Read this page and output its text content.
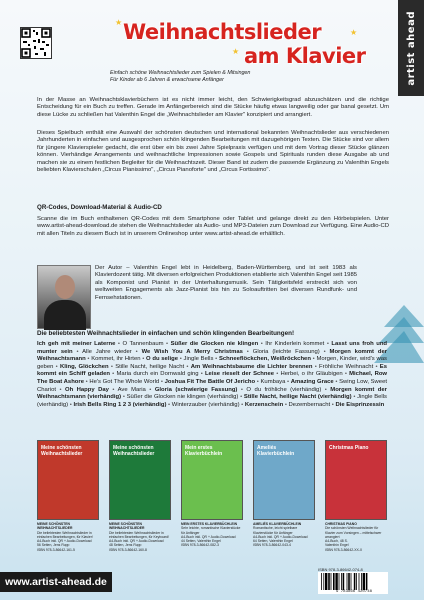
★
★
★
Weihnachtslieder
am Klavier	artist ahead
Einfach schöne Weihnachtslieder zum Spielen & Mitsingen
Für Kinder ab 6 Jahren & erwachsene Anfänger
In der Masse an Weihnachtsklavierbüchern ist es nicht immer leicht, den Schwierigkeitsgrad abzuschätzen und die richtige Entscheidung für ein Buch zu treffen. Gerade im Anfängerbereich sind die Stücke häufig etwas langweilig oder gar banal gesetzt. Um diese Lücke zu schließen hat Valenthin Engel die „Weihnachtslieder am Klavier" konzipiert und arrangiert.
Dieses Spielbuch enthält eine Auswahl der schönsten deutschen und international bekannten Weihnachtslieder aus verschiedenen Jahrhunderten in einfachen und ausgesprochen schön klingenden Bearbeitungen mit dazugehörigen Texten. Die Stücke sind vor allem für jüngere Klavierspieler gedacht, die erst über ein bis zwei Jahre Spielpraxis verfügen und mit dem Vortrag dieser Stücke glänzen können. Vierhändige Arrangements und weihnachtliche Impressionen sowie Gospels und Spirituals runden diese Ausgabe ab und machen sie zu einem festlichen Begleiter für die Weihnachtszeit. Dieser Band ist zudem die passende Ergänzung zu Valenthin Engels beliebten Klavierschulen „Circus Pianissimo", „Circus Pianoforte" und „Circus Fortissimo".
QR-Codes, Download-Material & Audio-CD
Scanne die im Buch enthaltenen QR-Codes mit dem Smartphone oder Tablet und gelange direkt zu den Hörbeispielen. Unter www.artist-ahead-download.de stehen die Weihnachtslieder als Audio- und MP3-Dateien zum Download zur Verfügung. Eine Audio-CD mit allen Titeln zu diesem Buch ist in unserem Onlineshop unter www.artist-ahead.de erhältlich.
Der Autor – Valenthin Engel lebt in Heidelberg, Baden-Württemberg, und ist seit 1983 als Klavierdozent tätig. Mit diversen erfolgreichen Produktionen etablierte sich Valenthin Engel seit 1985 als Komponist und Pianist in der Unterhaltungsmusik. Sein Tätigkeitsfeld erstreckt sich von weltweiten Engagements als Jazz-Pianist bis hin zu Soloauftritten bei diversen Rundfunk- und Fernsehstationen.
Die beliebtesten Weihnachtslieder in einfachen und schön klingenden Bearbeitungen!
Ich geh mit meiner Laterne • O Tannenbaum • Süßer die Glocken nie klingen • Ihr Kinderlein kommet • Lasst uns froh und munter sein • Alle Jahre wieder • We Wish You A Merry Christmas • Gloria (leichte Fassung) • Morgen kommt der Weihnachtsmann • Kommet, ihr Hirten • O du selige • Jingle Bells • Schneeflöckchen, Weißröckchen • Morgen, Kinder, wird's was geben • Kling, Glöckchen • Stille Nacht, heilige Nacht • Am Weihnachtsbaume die Lichter brennen • Fröhliche Weihnacht • Es kommt ein Schiff geladen • Maria durch ein Dornwald ging • Leise rieselt der Schnee • Herbei, o ihr Gläubigen • Michael, Row The Boat Ashore • He's Got The Whole World • Joshua Fit The Battle Of Jericho • Kumbaya • Amazing Grace • Swing Low, Sweet Chariot • Oh Happy Day • Ave Maria • Gloria (schwierige Fassung) • O du fröhliche (vierhändig) • Morgen kommt der Weihnachtsmann (vierhändig) • Süßer die Glocken nie klingen (vierhändig) • Stille Nacht, heilige Nacht (vierhändig) • Jingle Bells (vierhändig) • Irish Bells Ring 1 2 3 (vierhändig) • Winterzauber (vierhändig) • Kerzenschein • Dezembernacht • Die Eisprinzessin
Meine schönsten Weihnachtslieder
MEINE SCHÖNSTEN WEIHNACHTSLIEDER
Die beliebtesten Weihnachtslieder in einfachen Bearbeitungen, für Klavier!
A4-Buch inkl. QR + Audio-Download
56 Seiten, Jens Rupp
ISBN 978-3-86642-161-5
Meine schönsten Weihnachtslieder
MEINE SCHÖNSTEN WEIHNACHTSLIEDER
Die beliebtesten Weihnachtslieder in einfachen Bearbeitungen, für Keyboard!
A4-Buch inkl. QR + Audio-Download
48 Seiten, Jens Rupp
ISBN 978-3-86642-160-8
Mein erstes Klavierbüchlein
MEIN ERSTES KLAVIERBÜCHLEIN
Sehr leichte, romantische Klavierstücke für Anfänger
A4-Buch inkl. QR + Audio-Download
44 Seiten, Valenthin Engel
ISBN 978-3-86642-082-3
Ameliés Klavierbüchlein
AMELIÉS KLAVIERBÜCHLEIN
Romantische, leicht spielbare Klavierstücke für Anfänger
A4-Buch inkl. QR + Audio-Download
64 Seiten, Valenthin Engel
ISBN 978-3-86642-043-4
Christmas Piano
CHRISTMAS PIANO
Die schönsten Weihnachtslieder für Klavier zum Vorsingen – mittelschwer arrangiert
A4-Buch, 48 S.
Valenthin Engel
ISBN 978-3-86642-XX-X
www.artist-ahead.de
ISBN 978-3-86642-074-8
9 783866 420748
